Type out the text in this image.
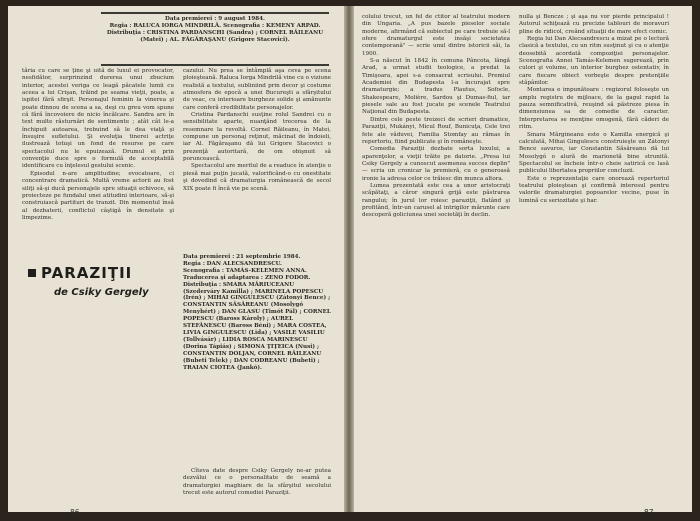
Data premierei : 9 august 1984.
Regia : RALUCA IORGA MINDRILĂ. Scenografia : KEMENY ARPAD.
Distribuţia : CRISTINA PARDANSCHI (Sandra) ; CORNEL RĂILEANU (Matei) ; AL. FĂGĂRAŞANU (Grigore Stacovici).

tăria cu care se ţine şi uită de luxul ei provocator, nesfidător, surprinzind durerea unui zbucium interior, acestei veriga ce leagă păcatele lumii cu aceea a lui Crişan, trăind pe seama vieţii, poate, a ispitei fără sfirşit. Personajul feminin la vinerea şi poate dinnou de scena a sa, deşi cu greu vom spune că fără încovoiere de nicio încălcare. Sandra are în text multe răsturnări de sentimente ; atât cât le-a închipuit autoarea, trebuind să le dea viaţă şi însuşire sufletului. Şi evoluţia tinerei actriţe ilustrează totuşi un fond de resurse pe care spectacolul nu le epuizează. Drumul ei prin convenţie duce spre o formulă de acceptabilă identificare cu înţelesul gestului scenic.

Episodul n-are amplitudine; evocatoare, ci concentrare dramatică. Multă vreme actorii au fost siliţi să-şi ducă personajele spre situaţii echivoce, să proiecteze pe fundalul unei atitudini interioare, să-şi construiască partituri de tranzit. Din momentul însă al dezbaterii, conflictul câştigă în densitate şi limpezime.

cazului. Nu prea se întâmplă aşa ceva pe scena ploieşteană. Raluca Iorga Mindrilă vine cu o viziune realistă a textului, subliniind prin decor şi costume atmosfera de epocă a unei Bucureşti a sfârşitului de veac, cu interioare burgheze solide şi amănunte care conferă credibilitate personajelor.

Cristina Pardanschi susţine rolul Sandrei cu o sensibilitate aparte, nuanţând trecerea de la resemnare la revoltă. Cornel Răileanu, în Matei, compune un personaj reţinut, măcinat de îndoieli, iar Al. Făgăraşanu dă lui Grigore Stacovici o prezenţă autoritară, de om obişnuit să poruncească.

Spectacolul are meritul de a readuce în atenţie o piesă mai puţin jucată, valorificând-o cu onestitate şi dovedind că dramaturgia românească de secol XIX poate fi încă vie pe scenă.

PARAZIŢII
de Csiky Gergely
Data premierei : 21 septembrie 1984.
Regia : DAN ALECSANDRESCU.
Scenografia : TAMÁS-KELEMEN ANNA. Traducerea şi adaptarea : ZENO FODOR.
Distribuţia : SMARA MĂRIUCEANU (Szederváry Kamilla) ; MARINELA POPESCU (Irén) ; MIHAI GINGULESCU (Zátonyi Bence) ; CONSTANTIN SĂSĂREANU (Mosolygó Menyhért) ; DAN GLASU (Timót Pál) ; CORNEL POPESCU (Baross Károly) ; AUREL STEFĂNESCU (Baross Béni) ; MARA COSTEA, LIVIA GINGULESCU (Lida) ; VASILE VASILIU (Tollvásár) ; LIDIA ROSCA MARINESCU (Dorina Tápiás) ; SIMONA ŢIŢEICA (Nusi) ; CONSTANTIN DOLJAN, CORNEL RĂILEANU (Bubeti Telek) ; DAN CODREANU (Bubeti) ; TRAIAN CIOTEA (Jankó).

Cîteva date despre Csiky Gergely ne-ar putea dezvălui ce o personalitate de seamă a dramaturgiei maghiare de la sfârşitul secolului trecut este autorul comediei Paraziţii.

86

colului trecut, un fel de ctitor al teatrului modern din Ungaria. „A pus bazele pieselor sociale moderne, afirmând că subiectul pe care trebuie să-l ofere dramaturgul este insăşi societatea contemporană" — scrie unul dintre istoricii săi, la 1900.

S-a născut în 1842 în comuna Pâncota, lângă Arad, a urmat studii teologice, a predat la Timişoara, apoi s-a consacrat scrisului. Premiul Academiei din Budapesta l-a încurajat spre dramaturgie; a tradus Plautus, Sofocle, Shakespeare, Molière, Sardou şi Dumas-fiul, iar piesele sale au fost jucate pe scenele Teatrului Naţional din Budapesta.

Dintre cele peste treizeci de scrieri dramatice, Paraziţii, Mukányi, Micul Rouf, Bunicuţa, Cele trei fete ale văduvei, Familia Stomfay au rămas în repertoriu, fiind publicate şi în româneşte.

Comedia Paraziţii dezbate sorta luxului, a aparenţelor, a vieţii trăite pe datorie. „Presa lui Csiky Gergely a cunoscut asemenea succes deplin" — scria un cronicar la premieră, cu o generoasă ironie la adresa celor ce trăiesc din munca altora.

Lumea prezentată este cea a unor aristocraţi scăpătaţi, a căror singură grijă este păstrarea rangului; în jurul lor roiesc paraziţii, flatând şi profitând, într-un carusel al intrigilor mărunte care descoperă goliciunea unei societăţi în declin.

nulla şi Bencze ; şi aşa nu vor pierde principalul ! Autorul schiţează cu precizie tablouri de moravuri pline de ridicol, creând situaţii de mare efect comic.

Regia lui Dan Alecsandrescu a mizat pe o lectură clasică a textului, cu un ritm susţinut şi cu o atenţie deosebită acordată compoziţiei personajelor. Scenografia Annei Tamás-Kelemen sugerează, prin culori şi volume, un interior burghez ostentativ, în care fiecare obiect vorbeşte despre pretenţiile stăpânilor.

Montarea e impunătoare : regizorul foloseşte un amplu registru de mijloace, de la gagul rapid la pauza semnificativă, reuşind să păstreze piesa în dimensiunea sa de comedie de caracter. Interpretarea se menţine omogenă, fără căderi de ritm.

Smara Mărgineanu este o Kamilla energică şi calculată, Mihai Gingulescu construieşte un Zátonyi Bence savuros, iar Constantin Săsăreanu dă lui Mosolygó o alură de marionetă bine strunită. Spectacolul se încheie într-o cheie satirică ce lasă publicului libertatea propriilor concluzii.

Este o reprezentaţie care onorează repertoriul teatrului ploieştean şi confirmă interesul pentru valorile dramaturgiei popoarelor vecine, puse în lumină cu seriozitate şi har.

87
